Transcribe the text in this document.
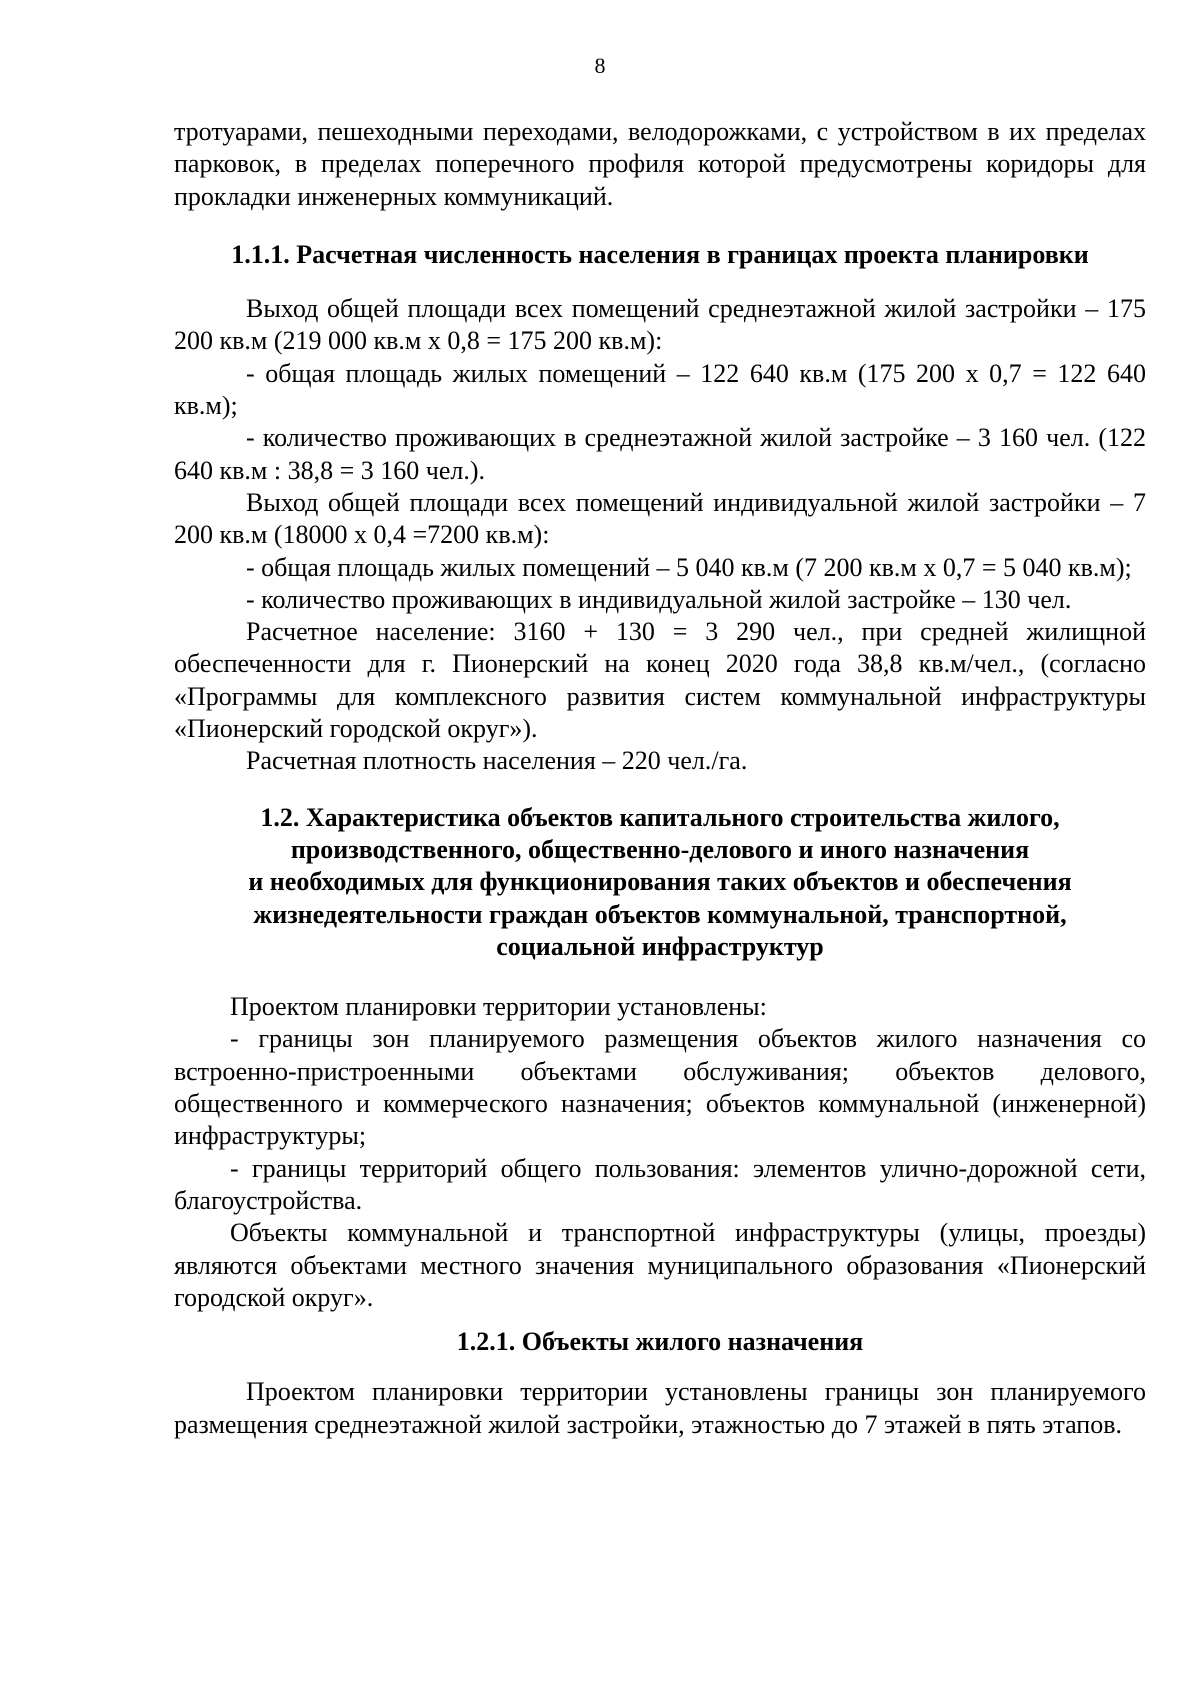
8

тротуарами, пешеходными переходами, велодорожками, с устройством в их пределах парковок, в пределах поперечного профиля которой предусмотрены коридоры для прокладки инженерных коммуникаций.

1.1.1. Расчетная численность населения в границах проекта планировки

Выход общей площади всех помещений среднеэтажной жилой застройки – 175 200 кв.м (219 000 кв.м х 0,8 = 175 200 кв.м):

- общая площадь жилых помещений – 122 640 кв.м (175 200 х 0,7 = 122 640 кв.м);

- количество проживающих в среднеэтажной жилой застройке – 3 160 чел. (122 640 кв.м : 38,8 = 3 160 чел.).

Выход общей площади всех помещений индивидуальной жилой застройки – 7 200 кв.м (18000 х 0,4 =7200 кв.м):

- общая площадь жилых помещений – 5 040 кв.м (7 200 кв.м х 0,7 = 5 040 кв.м);

- количество проживающих в индивидуальной жилой застройке – 130 чел.

Расчетное население: 3160 + 130 = 3 290 чел., при средней жилищной обеспеченности для г. Пионерский на конец 2020 года 38,8 кв.м/чел., (согласно «Программы для комплексного развития систем коммунальной инфраструктуры «Пионерский городской округ»).

Расчетная плотность населения – 220 чел./га.

1.2. Характеристика объектов капитального строительства жилого,

производственного, общественно-делового и иного назначения

и необходимых для функционирования таких объектов и обеспечения

жизнедеятельности граждан объектов коммунальной, транспортной,

социальной инфраструктур

Проектом планировки территории установлены:

- границы зон планируемого размещения объектов жилого назначения со встроенно-пристроенными объектами обслуживания; объектов делового, общественного и коммерческого назначения; объектов коммунальной (инженерной) инфраструктуры;

- границы территорий общего пользования: элементов улично-дорожной сети, благоустройства.

Объекты коммунальной и транспортной инфраструктуры (улицы, проезды) являются объектами местного значения муниципального образования «Пионерский городской округ».

1.2.1. Объекты жилого назначения

Проектом планировки территории установлены границы зон планируемого размещения среднеэтажной жилой застройки, этажностью до 7 этажей в пять этапов.
